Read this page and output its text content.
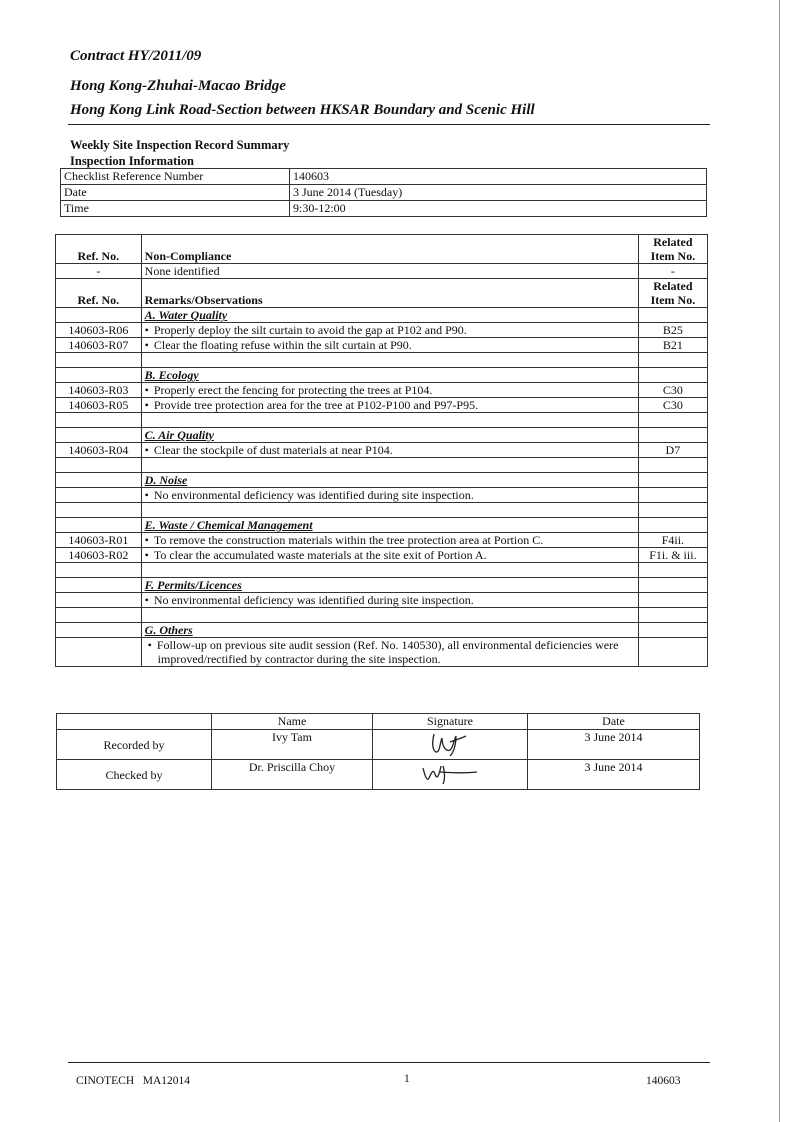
Contract HY/2011/09
Hong Kong-Zhuhai-Macao Bridge
Hong Kong Link Road-Section between HKSAR Boundary and Scenic Hill
Weekly Site Inspection Record Summary
Inspection Information
Checklist Reference Number	140603
Date	3 June 2014 (Tuesday)
Time	9:30-12:00
Ref. No.	Non-Compliance	Related Item No.
-	None identified	-
Ref. No.	Remarks/Observations	Related Item No.
	A. Water Quality	
140603-R06	• Properly deploy the silt curtain to avoid the gap at P102 and P90.	B25
140603-R07	• Clear the floating refuse within the silt curtain at P90.	B21

	B. Ecology	
140603-R03	• Properly erect the fencing for protecting the trees at P104.	C30
140603-R05	• Provide tree protection area for the tree at P102-P100 and P97-P95.	C30

	C. Air Quality	
140603-R04	• Clear the stockpile of dust materials at near P104.	D7

	D. Noise	
	• No environmental deficiency was identified during site inspection.	

	E. Waste / Chemical Management	
140603-R01	• To remove the construction materials within the tree protection area at Portion C.	F4ii.
140603-R02	• To clear the accumulated waste materials at the site exit of Portion A.	F1i. & iii.

	F. Permits/Licences	
	• No environmental deficiency was identified during site inspection.	

	G. Others	
	• Follow-up on previous site audit session (Ref. No. 140530), all environmental deficiencies were improved/rectified by contractor during the site inspection.	
	Name	Signature	Date
Recorded by	Ivy Tam		3 June 2014
Checked by	Dr. Priscilla Choy		3 June 2014
CINOTECH   MA12014	1	140603
